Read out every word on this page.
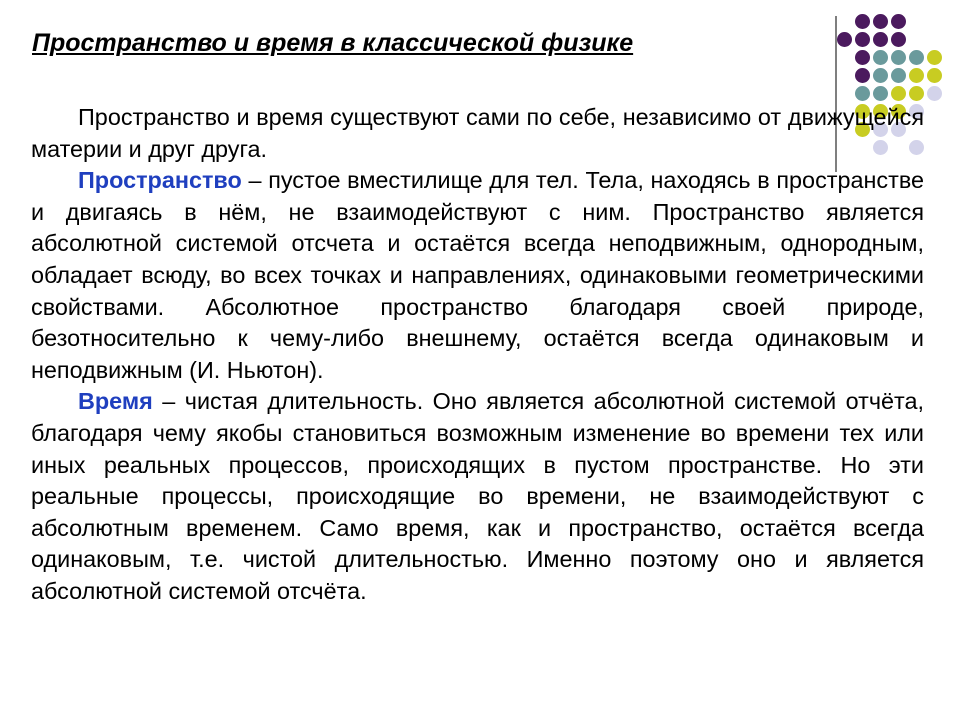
Пространство и время в классической физике

Пространство и время существуют сами по себе, независимо от движущейся материи и друг друга.

Пространство – пустое вместилище для тел. Тела, находясь в пространстве и двигаясь в нём, не взаимодействуют с ним. Пространство является абсолютной системой отсчета и остаётся всегда неподвижным, однородным, обладает всюду, во всех точках и направлениях, одинаковыми геометрическими свойствами. Абсолютное пространство благодаря своей природе, безотносительно к чему-либо внешнему, остаётся всегда одинаковым и неподвижным (И. Ньютон).

Время – чистая длительность. Оно является абсолютной системой отчёта, благодаря чему якобы становиться возможным изменение во времени тех или иных реальных процессов, происходящих в пустом пространстве. Но эти реальные процессы, происходящие во времени, не взаимодействуют с абсолютным временем. Само время, как и пространство, остаётся всегда одинаковым, т.е. чистой длительностью. Именно поэтому оно и является абсолютной системой отсчёта.
